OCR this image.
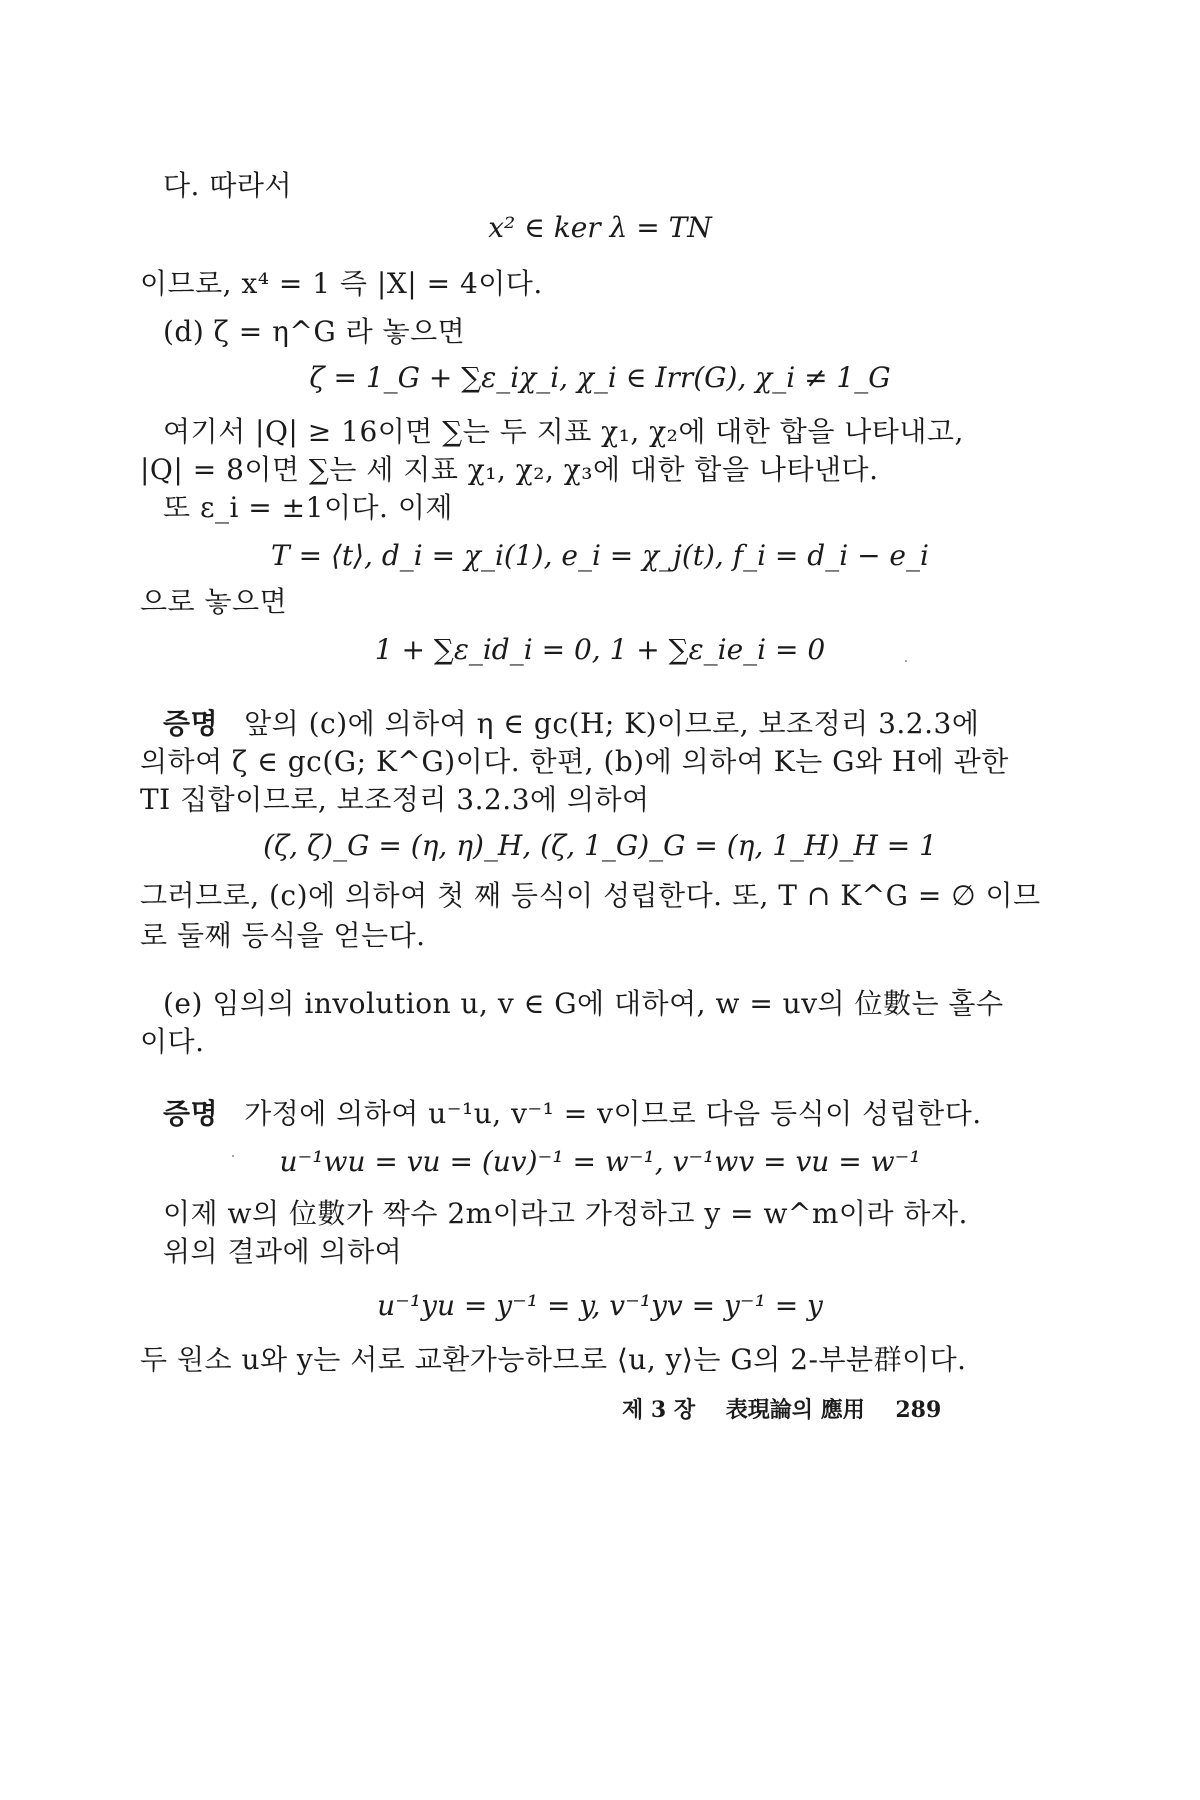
다. 따라서
x² ∈ ker λ = TN
이므로, x⁴ = 1 즉 |X| = 4이다.
(d) ζ = η^G 라 놓으면
ζ = 1_G + ∑ε_iχ_i, χ_i ∈ Irr(G), χ_i ≠ 1_G
여기서 |Q| ≥ 16이면 ∑는 두 지표 χ₁, χ₂에 대한 합을 나타내고,
|Q| = 8이면 ∑는 세 지표 χ₁, χ₂, χ₃에 대한 합을 나타낸다.
또 ε_i = ±1이다. 이제
T = ⟨t⟩, d_i = χ_i(1), e_i = χ_j(t), f_i = d_i − e_i
으로 놓으면
1 + ∑ε_id_i = 0, 1 + ∑ε_ie_i = 0
증명 앞의 (c)에 의하여 η ∈ gc(H; K)이므로, 보조정리 3.2.3에
의하여 ζ ∈ gc(G; K^G)이다. 한편, (b)에 의하여 K는 G와 H에 관한
TI 집합이므로, 보조정리 3.2.3에 의하여
(ζ, ζ)_G = (η, η)_H, (ζ, 1_G)_G = (η, 1_H)_H = 1
그러므로, (c)에 의하여 첫 째 등식이 성립한다. 또, T ∩ K^G = ∅ 이므
로 둘째 등식을 얻는다.
(e) 임의의 involution u, v ∈ G에 대하여, w = uv의 位數는 홀수
이다.
증명 가정에 의하여 u⁻¹u, v⁻¹ = v이므로 다음 등식이 성립한다.
u⁻¹wu = vu = (uv)⁻¹ = w⁻¹, v⁻¹wv = vu = w⁻¹
이제 w의 位數가 짝수 2m이라고 가정하고 y = w^m이라 하자.
위의 결과에 의하여
u⁻¹yu = y⁻¹ = y, v⁻¹yv = y⁻¹ = y
두 원소 u와 y는 서로 교환가능하므로 ⟨u, y⟩는 G의 2-부분群이다.
제 3 장 表現論의 應用 289
